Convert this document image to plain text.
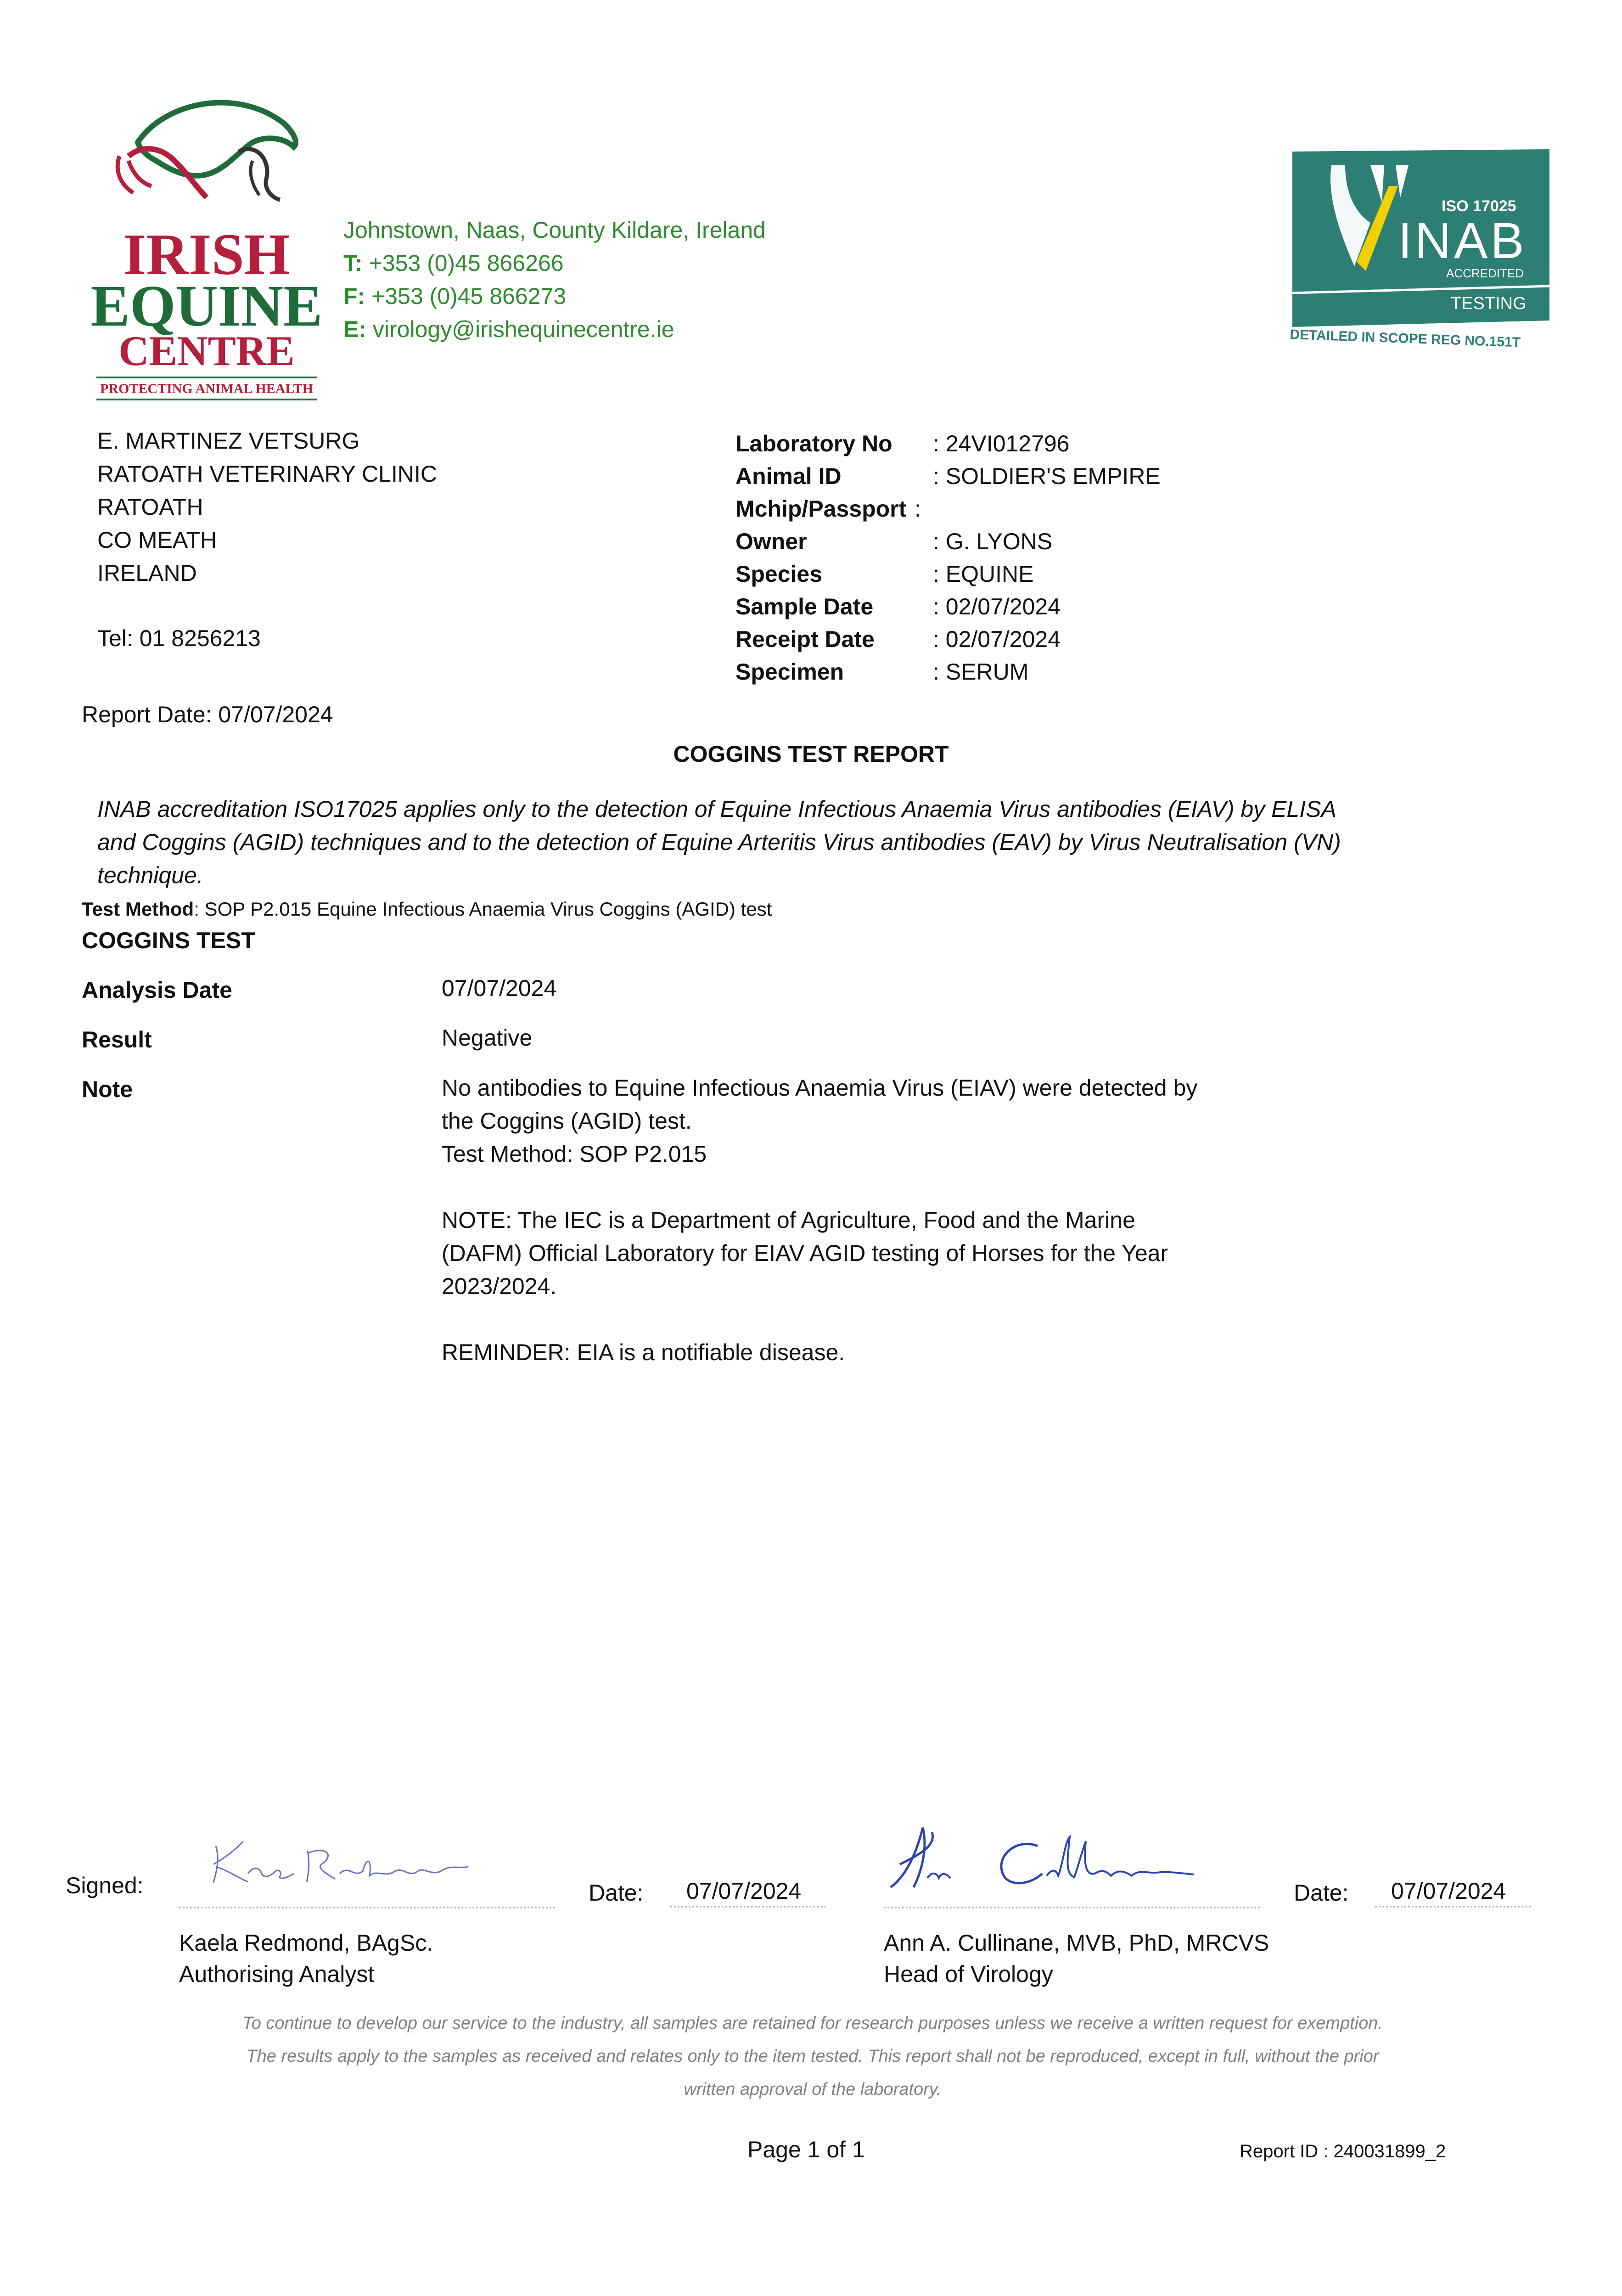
IRISH
EQUINE
CENTRE
PROTECTING ANIMAL HEALTH
Johnstown, Naas, County Kildare, Ireland
T: +353 (0)45 866266
F: +353 (0)45 866273
E: virology@irishequinecentre.ie
ISO 17025
INAB
ACCREDITED
TESTING
DETAILED IN SCOPE REG NO.151T
E. MARTINEZ VETSURG
RATOATH VETERINARY CLINIC
RATOATH
CO MEATH
IRELAND
Tel: 01 8256213
Laboratory No : 24VI012796
Animal ID	: SOLDIER'S EMPIRE
Mchip/Passport :
Owner	: G. LYONS
Species	: EQUINE
Sample Date	: 02/07/2024
Receipt Date	: 02/07/2024
Specimen	: SERUM
Report Date: 07/07/2024
COGGINS TEST REPORT
INAB accreditation ISO17025 applies only to the detection of Equine Infectious Anaemia Virus antibodies (EIAV) by ELISA
and Coggins (AGID) techniques and to the detection of Equine Arteritis Virus antibodies (EAV) by Virus Neutralisation (VN)
technique.
Test Method: SOP P2.015 Equine Infectious Anaemia Virus Coggins (AGID) test
COGGINS TEST
Analysis Date	07/07/2024
Result	Negative
Note	No antibodies to Equine Infectious Anaemia Virus (EIAV) were detected by
the Coggins (AGID) test.
Test Method: SOP P2.015

NOTE: The IEC is a Department of Agriculture, Food and the Marine
(DAFM) Official Laboratory for EIAV AGID testing of Horses for the Year
2023/2024.

REMINDER: EIA is a notifiable disease.
Signed:	Date: 07/07/2024
Kaela Redmond, BAgSc.
Authorising Analyst
Date: 07/07/2024
Ann A. Cullinane, MVB, PhD, MRCVS
Head of Virology
To continue to develop our service to the industry, all samples are retained for research purposes unless we receive a written request for exemption.
The results apply to the samples as received and relates only to the item tested. This report shall not be reproduced, except in full, without the prior
written approval of the laboratory.
Page 1 of 1	Report ID : 240031899_2
